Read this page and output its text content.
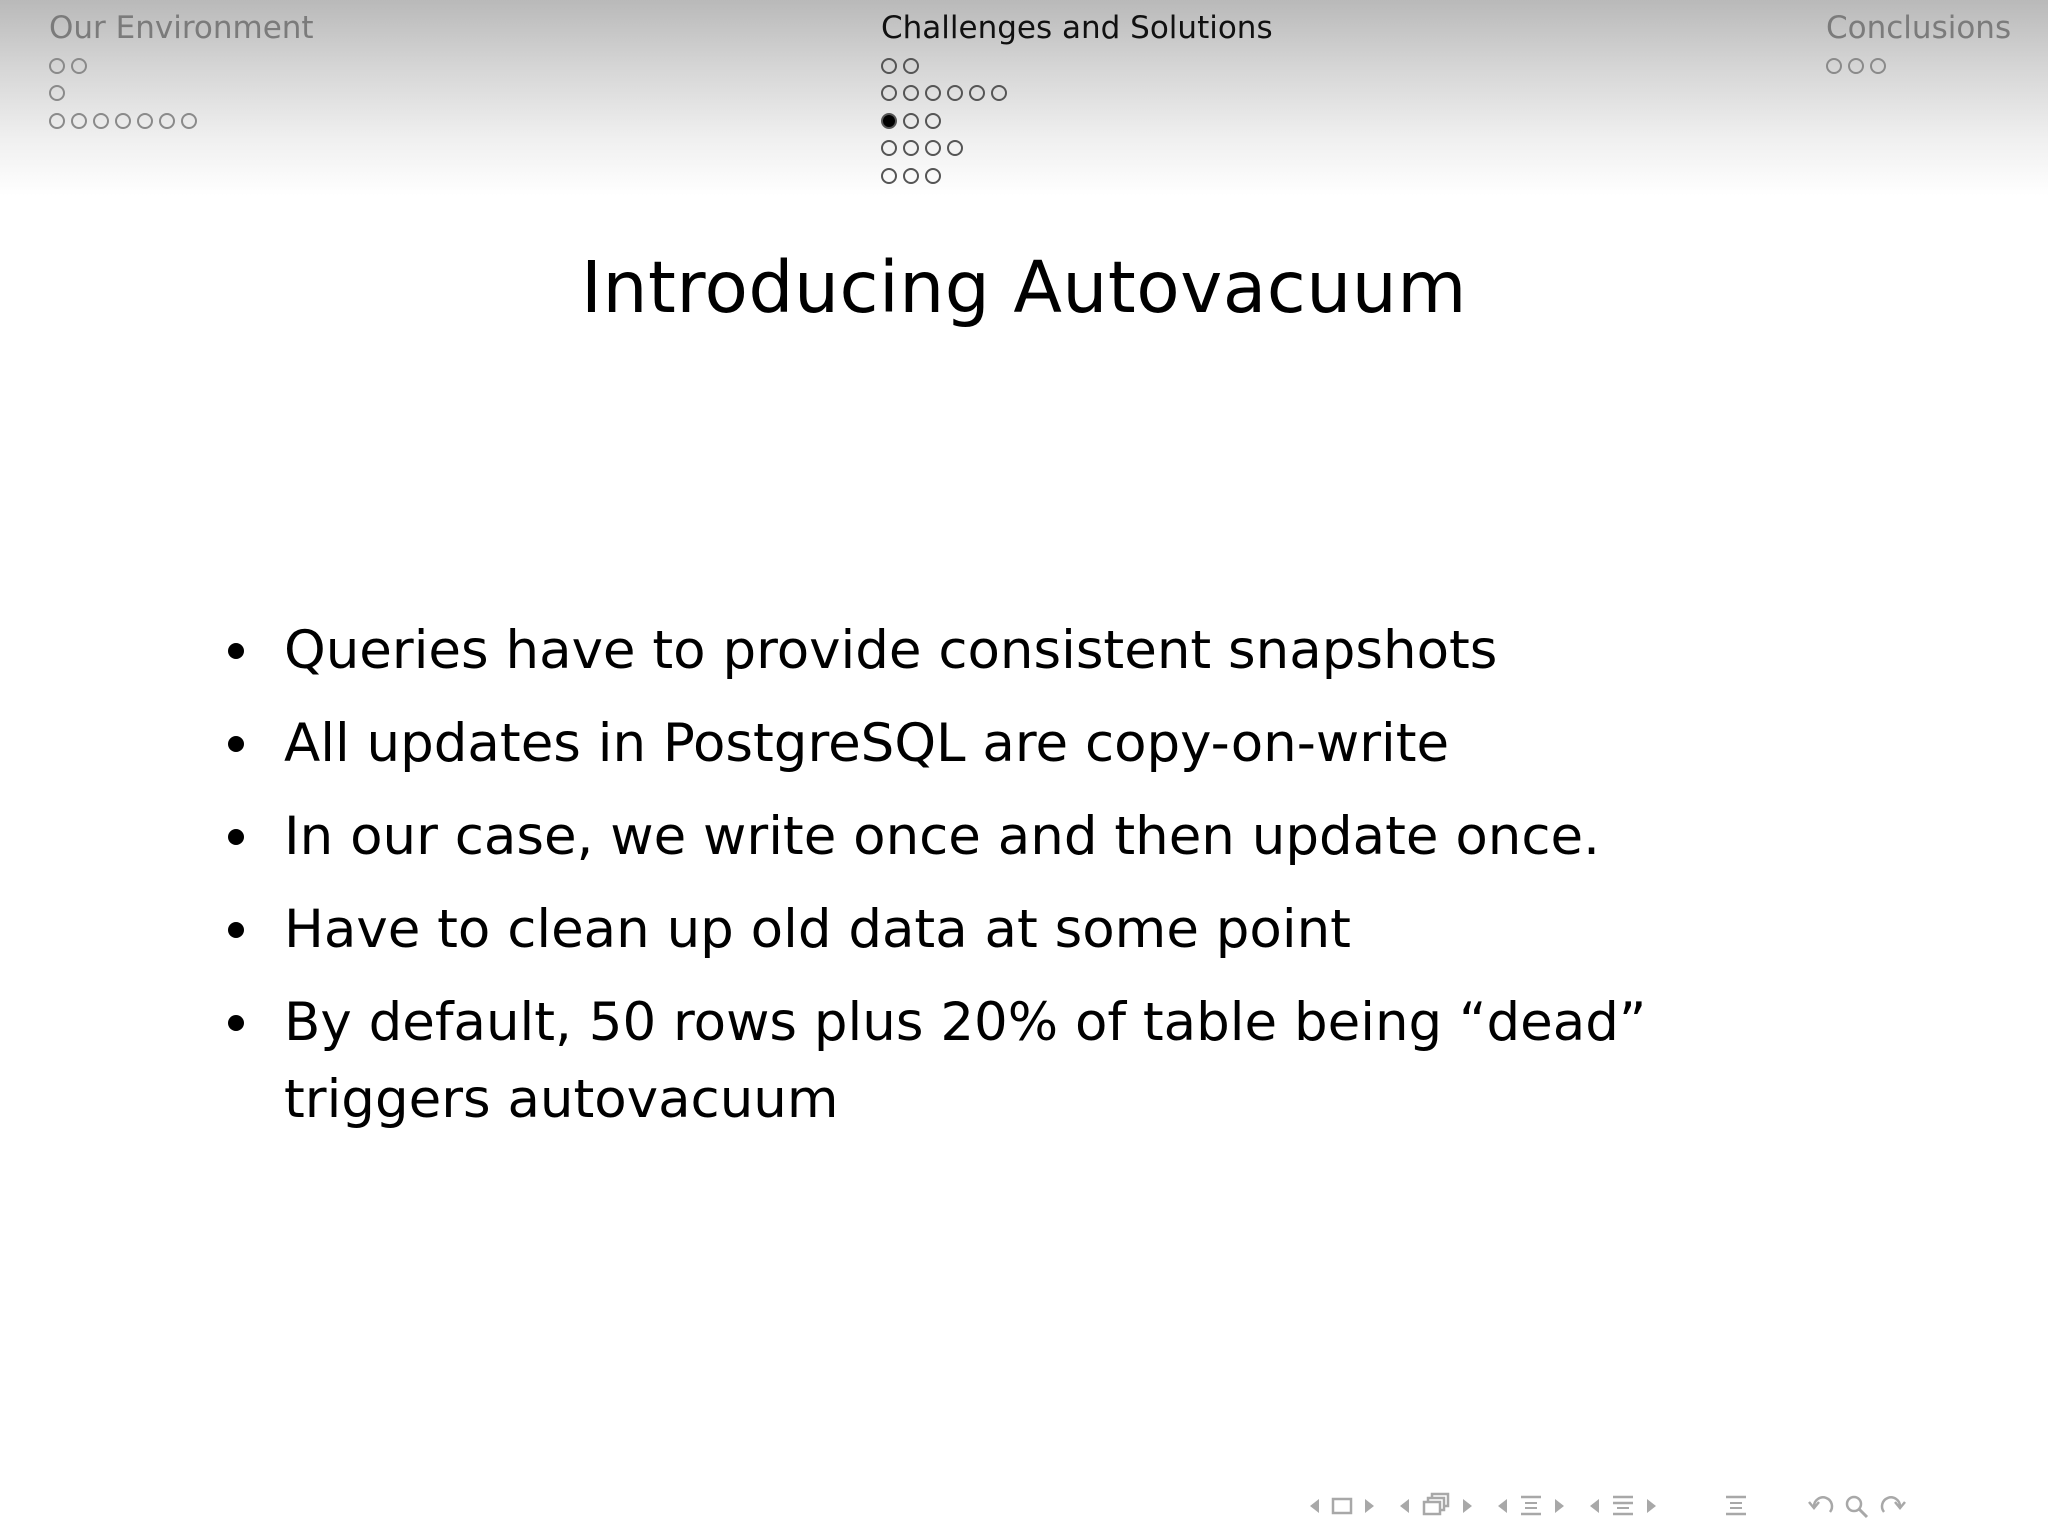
Our Environment	Challenges and Solutions	Conclusions
Introducing Autovacuum
Queries have to provide consistent snapshots
All updates in PostgreSQL are copy-on-write
In our case, we write once and then update once.
Have to clean up old data at some point
By default, 50 rows plus 20% of table being “dead” triggers autovacuum
